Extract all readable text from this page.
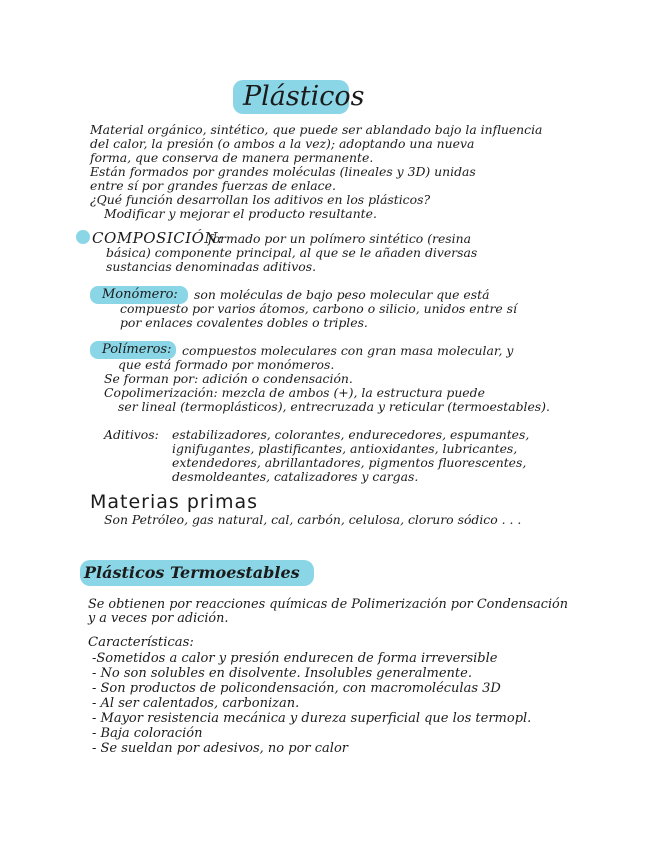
Plásticos
Material orgánico, sintético, que puede ser ablandado bajo la influencia
del calor, la presión (o ambos a la vez); adoptando una nueva
forma, que conserva de manera permanente.
Están formados por grandes moléculas (lineales y 3D) unidas
entre sí por grandes fuerzas de enlace.
¿Qué función desarrollan los aditivos en los plásticos?
Modificar y mejorar el producto resultante.
COMPOSICIÓN:
formado por un polímero sintético (resina
básica) componente principal, al que se le añaden diversas
sustancias denominadas aditivos.
Monómero: son moléculas de bajo peso molecular que está
compuesto por varios átomos, carbono o silicio, unidos entre sí
por enlaces covalentes dobles o triples.
Polímeros: compuestos moleculares con gran masa molecular, y
que está formado por monómeros.
Se forman por: adición o condensación.
Copolimerización: mezcla de ambos (+), la estructura puede
ser lineal (termoplásticos), entrecruzada y reticular (termoestables).
Aditivos: estabilizadores, colorantes, endurecedores, espumantes,
ignifugantes, plastificantes, antioxidantes, lubricantes,
extendedores, abrillantadores, pigmentos fluorescentes,
desmoldeantes, catalizadores y cargas.
Materias primas
Son Petróleo, gas natural, cal, carbón, celulosa, cloruro sódico . . .
Plásticos Termoestables
Se obtienen por reacciones químicas de Polimerización por Condensación
y a veces por adición.
Características:
-Sometidos a calor y presión endurecen de forma irreversible
- No son solubles en disolvente. Insolubles generalmente.
- Son productos de policondensación, con macromoléculas 3D
- Al ser calentados, carbonizan.
- Mayor resistencia mecánica y dureza superficial que los termopl.
- Baja coloración
- Se sueldan por adesivos, no por calor
